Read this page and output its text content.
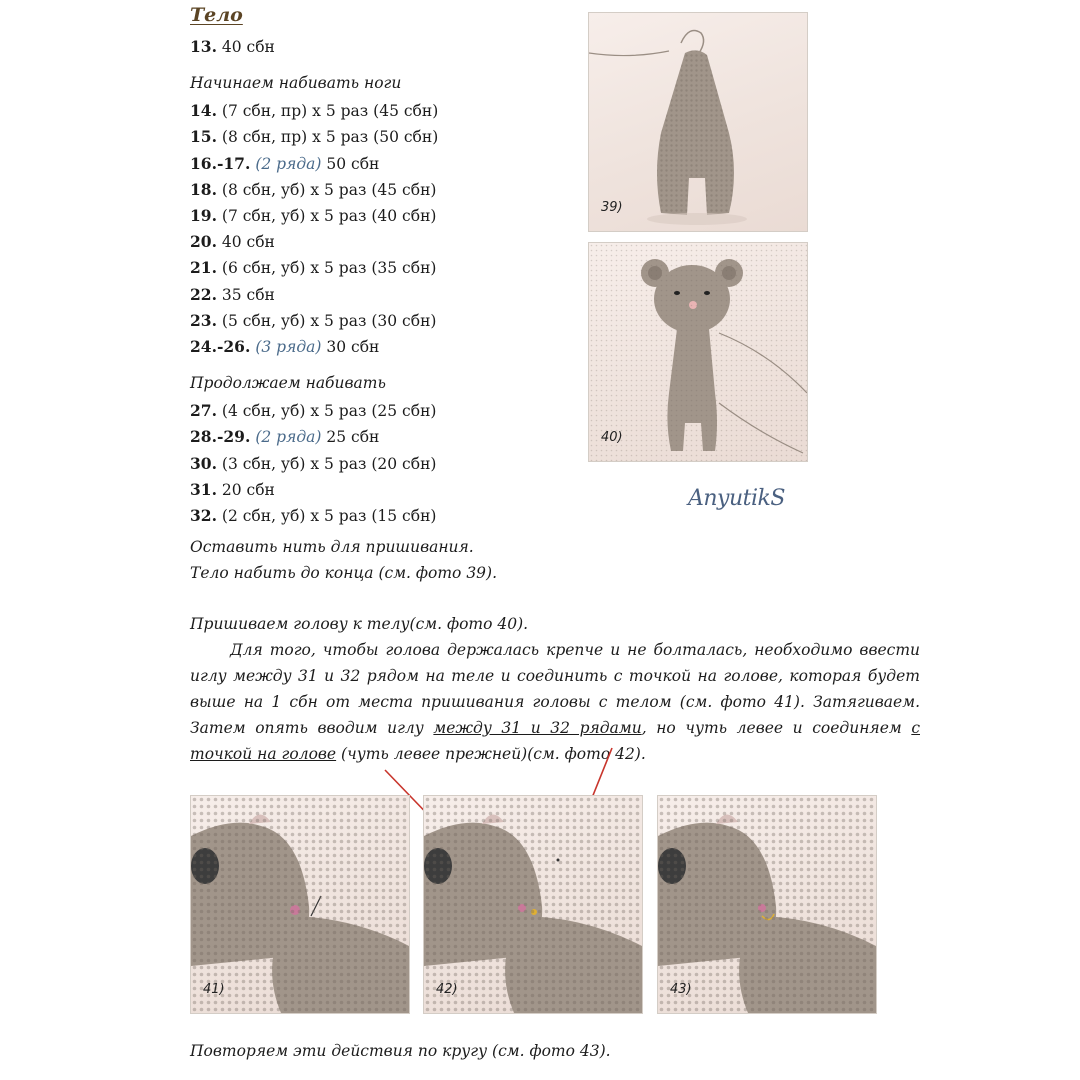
Тело
13. 40 сбн
Начинаем набивать ноги
14. (7 сбн, пр) х 5 раз (45 сбн)
15. (8 сбн, пр) х 5 раз (50 сбн)
16.-17. (2 ряда) 50 сбн
18. (8 сбн, уб) х 5 раз (45 сбн)
19. (7 сбн, уб) х 5 раз (40 сбн)
20. 40 сбн
21. (6 сбн, уб) х 5 раз (35 сбн)
22. 35 сбн
23. (5 сбн, уб) х 5 раз (30 сбн)
24.-26. (3 ряда) 30 сбн
Продолжаем набивать
27. (4 сбн, уб) х 5 раз (25 сбн)
28.-29. (2 ряда) 25 сбн
30. (3 сбн, уб) х 5 раз (20 сбн)
31. 20 сбн
32. (2 сбн, уб) х 5 раз (15 сбн)
Оставить нить для пришивания.
Тело набить до конца (см. фото 39).
39)
40)
AnyutikS
Пришиваем голову к телу(см. фото 40).
Для того, чтобы голова держалась крепче и не болталась, необходимо ввести иглу между 31 и 32 рядом на теле и соединить с точкой на голове, которая будет выше на 1 сбн от места пришивания головы с телом (см. фото 41). Затягиваем. Затем опять вводим иглу между 31 и 32 рядами, но чуть левее и соединяем с точкой на голове (чуть левее прежней)(см. фото 42).
41)	42)	43)
Повторяем эти действия по кругу (см. фото 43).
